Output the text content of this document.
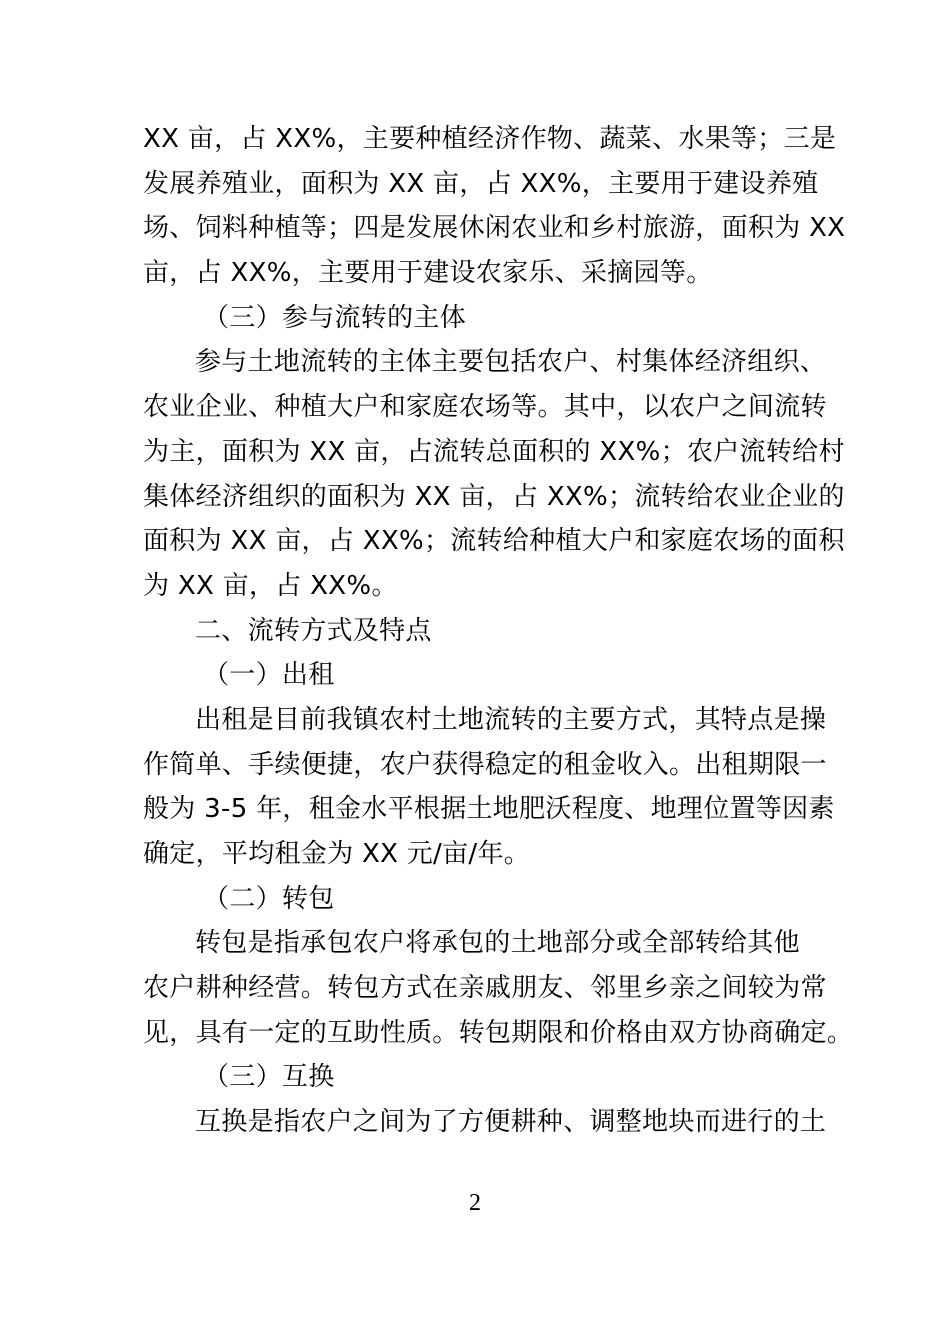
XX 亩，占 XX%，主要种植经济作物、蔬菜、水果等；三是
发展养殖业，面积为 XX 亩，占 XX%，主要用于建设养殖
场、饲料种植等；四是发展休闲农业和乡村旅游，面积为 XX
亩，占 XX%，主要用于建设农家乐、采摘园等。
（三）参与流转的主体
参与土地流转的主体主要包括农户、村集体经济组织、
农业企业、种植大户和家庭农场等。其中，以农户之间流转
为主，面积为 XX 亩，占流转总面积的 XX%；农户流转给村
集体经济组织的面积为 XX 亩，占 XX%；流转给农业企业的
面积为 XX 亩，占 XX%；流转给种植大户和家庭农场的面积
为 XX 亩，占 XX%。
二、流转方式及特点
（一）出租
出租是目前我镇农村土地流转的主要方式，其特点是操
作简单、手续便捷，农户获得稳定的租金收入。出租期限一
般为 3-5 年，租金水平根据土地肥沃程度、地理位置等因素
确定，平均租金为 XX 元/亩/年。
（二）转包
转包是指承包农户将承包的土地部分或全部转给其他
农户耕种经营。转包方式在亲戚朋友、邻里乡亲之间较为常
见，具有一定的互助性质。转包期限和价格由双方协商确定。
（三）互换
互换是指农户之间为了方便耕种、调整地块而进行的土
2
